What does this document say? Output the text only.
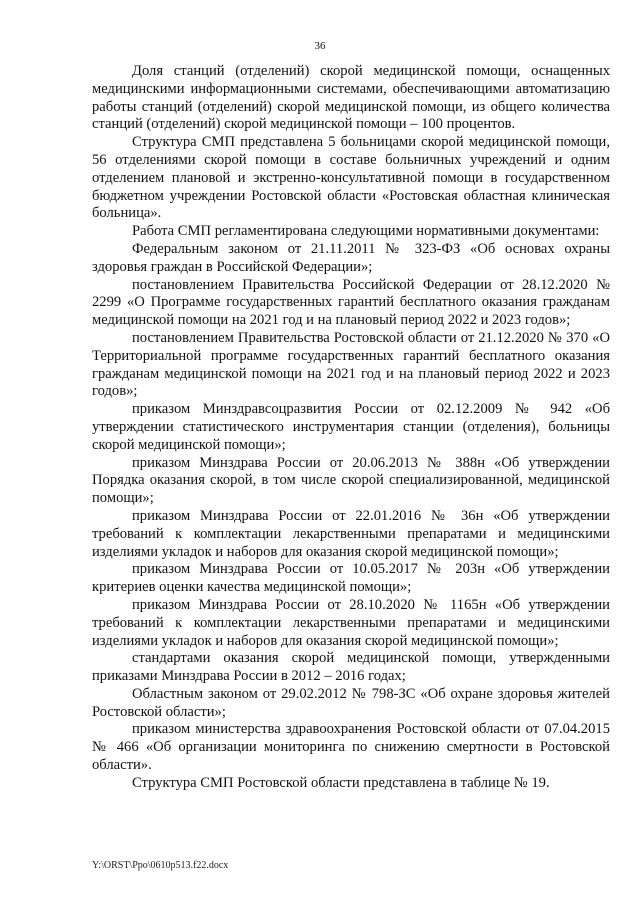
36

Доля станций (отделений) скорой медицинской помощи, оснащенных медицинскими информационными системами, обеспечивающими автоматизацию работы станций (отделений) скорой медицинской помощи, из общего количества станций (отделений) скорой медицинской помощи – 100 процентов.

Структура СМП представлена 5 больницами скорой медицинской помощи, 56 отделениями скорой помощи в составе больничных учреждений и одним отделением плановой и экстренно-консультативной помощи в государственном бюджетном учреждении Ростовской области «Ростовская областная клиническая больница».

Работа СМП регламентирована следующими нормативными документами:

Федеральным законом от 21.11.2011 № 323-ФЗ «Об основах охраны здоровья граждан в Российской Федерации»;

постановлением Правительства Российской Федерации от 28.12.2020 № 2299 «О Программе государственных гарантий бесплатного оказания гражданам медицинской помощи на 2021 год и на плановый период 2022 и 2023 годов»;

постановлением Правительства Ростовской области от 21.12.2020 № 370 «О Территориальной программе государственных гарантий бесплатного оказания гражданам медицинской помощи на 2021 год и на плановый период 2022 и 2023 годов»;

приказом Минздравсоцразвития России от 02.12.2009 № 942 «Об утверждении статистического инструментария станции (отделения), больницы скорой медицинской помощи»;

приказом Минздрава России от 20.06.2013 № 388н «Об утверждении Порядка оказания скорой, в том числе скорой специализированной, медицинской помощи»;

приказом Минздрава России от 22.01.2016 № 36н «Об утверждении требований к комплектации лекарственными препаратами и медицинскими изделиями укладок и наборов для оказания скорой медицинской помощи»;

приказом Минздрава России от 10.05.2017 № 203н «Об утверждении критериев оценки качества медицинской помощи»;

приказом Минздрава России от 28.10.2020 № 1165н «Об утверждении требований к комплектации лекарственными препаратами и медицинскими изделиями укладок и наборов для оказания скорой медицинской помощи»;

стандартами оказания скорой медицинской помощи, утвержденными приказами Минздрава России в 2012 – 2016 годах;

Областным законом от 29.02.2012 № 798-ЗС «Об охране здоровья жителей Ростовской области»;

приказом министерства здравоохранения Ростовской области от 07.04.2015 № 466 «Об организации мониторинга по снижению смертности в Ростовской области».

Структура СМП Ростовской области представлена в таблице № 19.

Y:\ORST\Ppo\0610p513.f22.docx
